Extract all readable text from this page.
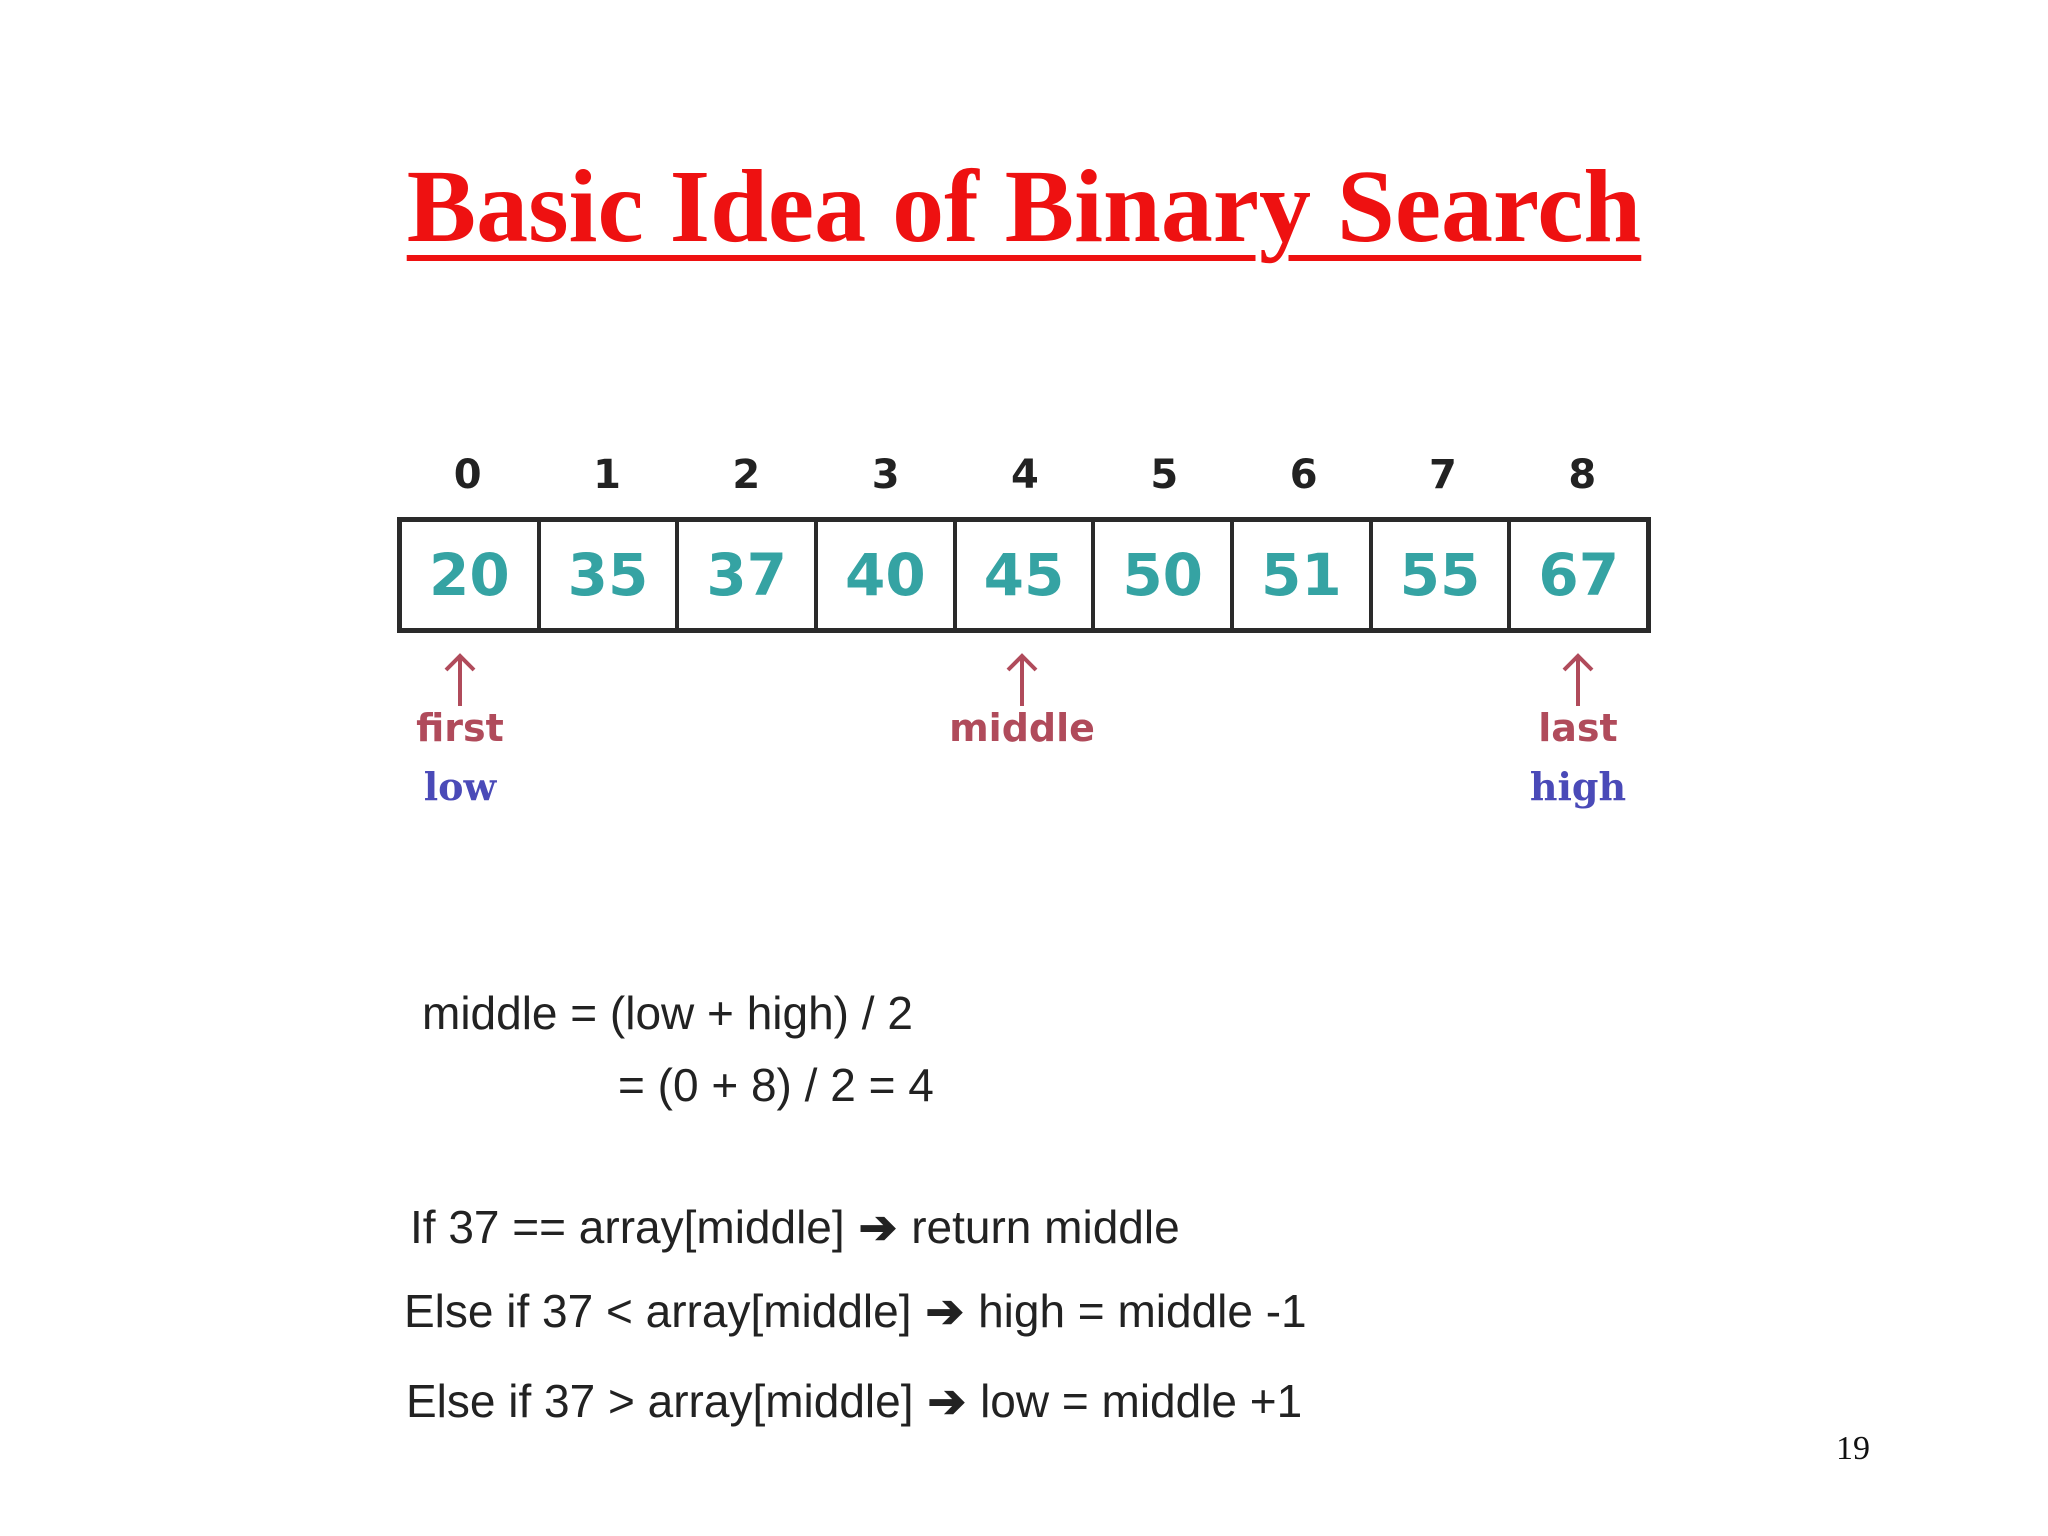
Basic Idea of Binary Search
0	1	2	3	4	5	6	7	8
20 35 37 40 45 50 51 55 67
first
low
middle	last
high
middle = (low + high) / 2
= (0 + 8) / 2 = 4
If 37 == array[middle] ➔ return middle
Else if 37 < array[middle] ➔ high = middle -1
Else if 37 > array[middle] ➔ low = middle +1
19
